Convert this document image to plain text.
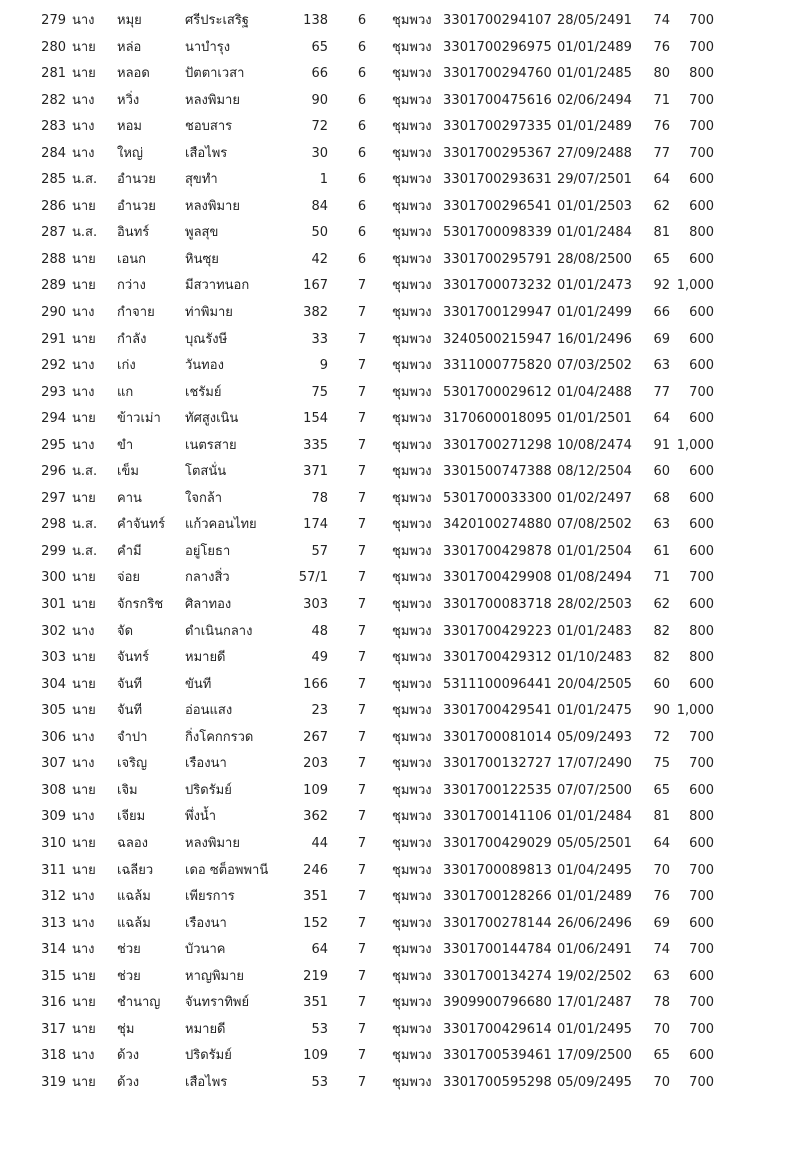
279 นาง	หมุย	ศรีประเสริฐ	138	6	ชุมพวง 3301700294107 28/05/2491	74	700
280 นาย	หล่อ	นาบำรุง	65	6	ชุมพวง 3301700296975 01/01/2489	76	700
281 นาย	หลอด	ปัตตาเวสา	66	6	ชุมพวง 3301700294760 01/01/2485	80	800
282 นาง	หวิ่ง	หลงพิมาย	90	6	ชุมพวง 3301700475616 02/06/2494	71	700
283 นาง	หอม	ชอบสาร	72	6	ชุมพวง 3301700297335 01/01/2489	76	700
284 นาง	ใหญ่	เสือไพร	30	6	ชุมพวง 3301700295367 27/09/2488	77	700
285 น.ส.	อำนวย	สุขทำ	1	6	ชุมพวง 3301700293631 29/07/2501	64	600
286 นาย	อำนวย	หลงพิมาย	84	6	ชุมพวง 3301700296541 01/01/2503	62	600
287 น.ส.	อินทร์	พูลสุข	50	6	ชุมพวง 5301700098339 01/01/2484	81	800
288 นาย	เอนก	หินซุย	42	6	ชุมพวง 3301700295791 28/08/2500	65	600
289 นาย	กว่าง	มีสวาทนอก	167	7	ชุมพวง 3301700073232 01/01/2473	92 1,000
290 นาง	กำจาย	ท่าพิมาย	382	7	ชุมพวง 3301700129947 01/01/2499	66	600
291 นาย	กำลัง	บุณรังษี	33	7	ชุมพวง 3240500215947 16/01/2496	69	600
292 นาง	เก่ง	วันทอง	9	7	ชุมพวง 3311000775820 07/03/2502	63	600
293 นาง	แก	เชรัมย์	75	7	ชุมพวง 5301700029612 01/04/2488	77	700
294 นาย	ข้าวเม่า	ทัศสูงเนิน	154	7	ชุมพวง 3170600018095 01/01/2501	64	600
295 นาง	ขำ	เนตรสาย	335	7	ชุมพวง 3301700271298 10/08/2474	91 1,000
296 น.ส.	เข็ม	โตสนั่น	371	7	ชุมพวง 3301500747388 08/12/2504	60	600
297 นาย	คาน	ใจกล้า	78	7	ชุมพวง 5301700033300 01/02/2497	68	600
298 น.ส.	คำจันทร์	แก้วคอนไทย	174	7	ชุมพวง 3420100274880 07/08/2502	63	600
299 น.ส.	คำมี	อยู่โยธา	57	7	ชุมพวง 3301700429878 01/01/2504	61	600
300 นาย	จ่อย	กลางสิ่ว	57/1	7	ชุมพวง 3301700429908 01/08/2494	71	700
301 นาย	จักรกริช	ศิลาทอง	303	7	ชุมพวง 3301700083718 28/02/2503	62	600
302 นาง	จัด	ดำเนินกลาง	48	7	ชุมพวง 3301700429223 01/01/2483	82	800
303 นาย	จันทร์	หมายดี	49	7	ชุมพวง 3301700429312 01/10/2483	82	800
304 นาย	จันที	ขันที	166	7	ชุมพวง 5311100096441 20/04/2505	60	600
305 นาย	จันที	อ่อนแสง	23	7	ชุมพวง 3301700429541 01/01/2475	90 1,000
306 นาง	จำปา	กิ่งโคกกรวด	267	7	ชุมพวง 3301700081014 05/09/2493	72	700
307 นาง	เจริญ	เรืองนา	203	7	ชุมพวง 3301700132727 17/07/2490	75	700
308 นาย	เจิม	ปริดรัมย์	109	7	ชุมพวง 3301700122535 07/07/2500	65	600
309 นาง	เจียม	พึ่งน้ำ	362	7	ชุมพวง 3301700141106 01/01/2484	81	800
310 นาย	ฉลอง	หลงพิมาย	44	7	ชุมพวง 3301700429029 05/05/2501	64	600
311 นาย	เฉลียว	เดอ ซต็อพพานี	246	7	ชุมพวง 3301700089813 01/04/2495	70	700
312 นาง	แฉล้ม	เพียรการ	351	7	ชุมพวง 3301700128266 01/01/2489	76	700
313 นาง	แฉล้ม	เรืองนา	152	7	ชุมพวง 3301700278144 26/06/2496	69	600
314 นาง	ช่วย	บัวนาค	64	7	ชุมพวง 3301700144784 01/06/2491	74	700
315 นาย	ช่วย	หาญพิมาย	219	7	ชุมพวง 3301700134274 19/02/2502	63	600
316 นาย	ชำนาญ	จันทราทิพย์	351	7	ชุมพวง 3909900796680 17/01/2487	78	700
317 นาย	ชุ่ม	หมายดี	53	7	ชุมพวง 3301700429614 01/01/2495	70	700
318 นาง	ด้วง	ปริดรัมย์	109	7	ชุมพวง 3301700539461 17/09/2500	65	600
319 นาย	ด้วง	เสือไพร	53	7	ชุมพวง 3301700595298 05/09/2495	70	700
